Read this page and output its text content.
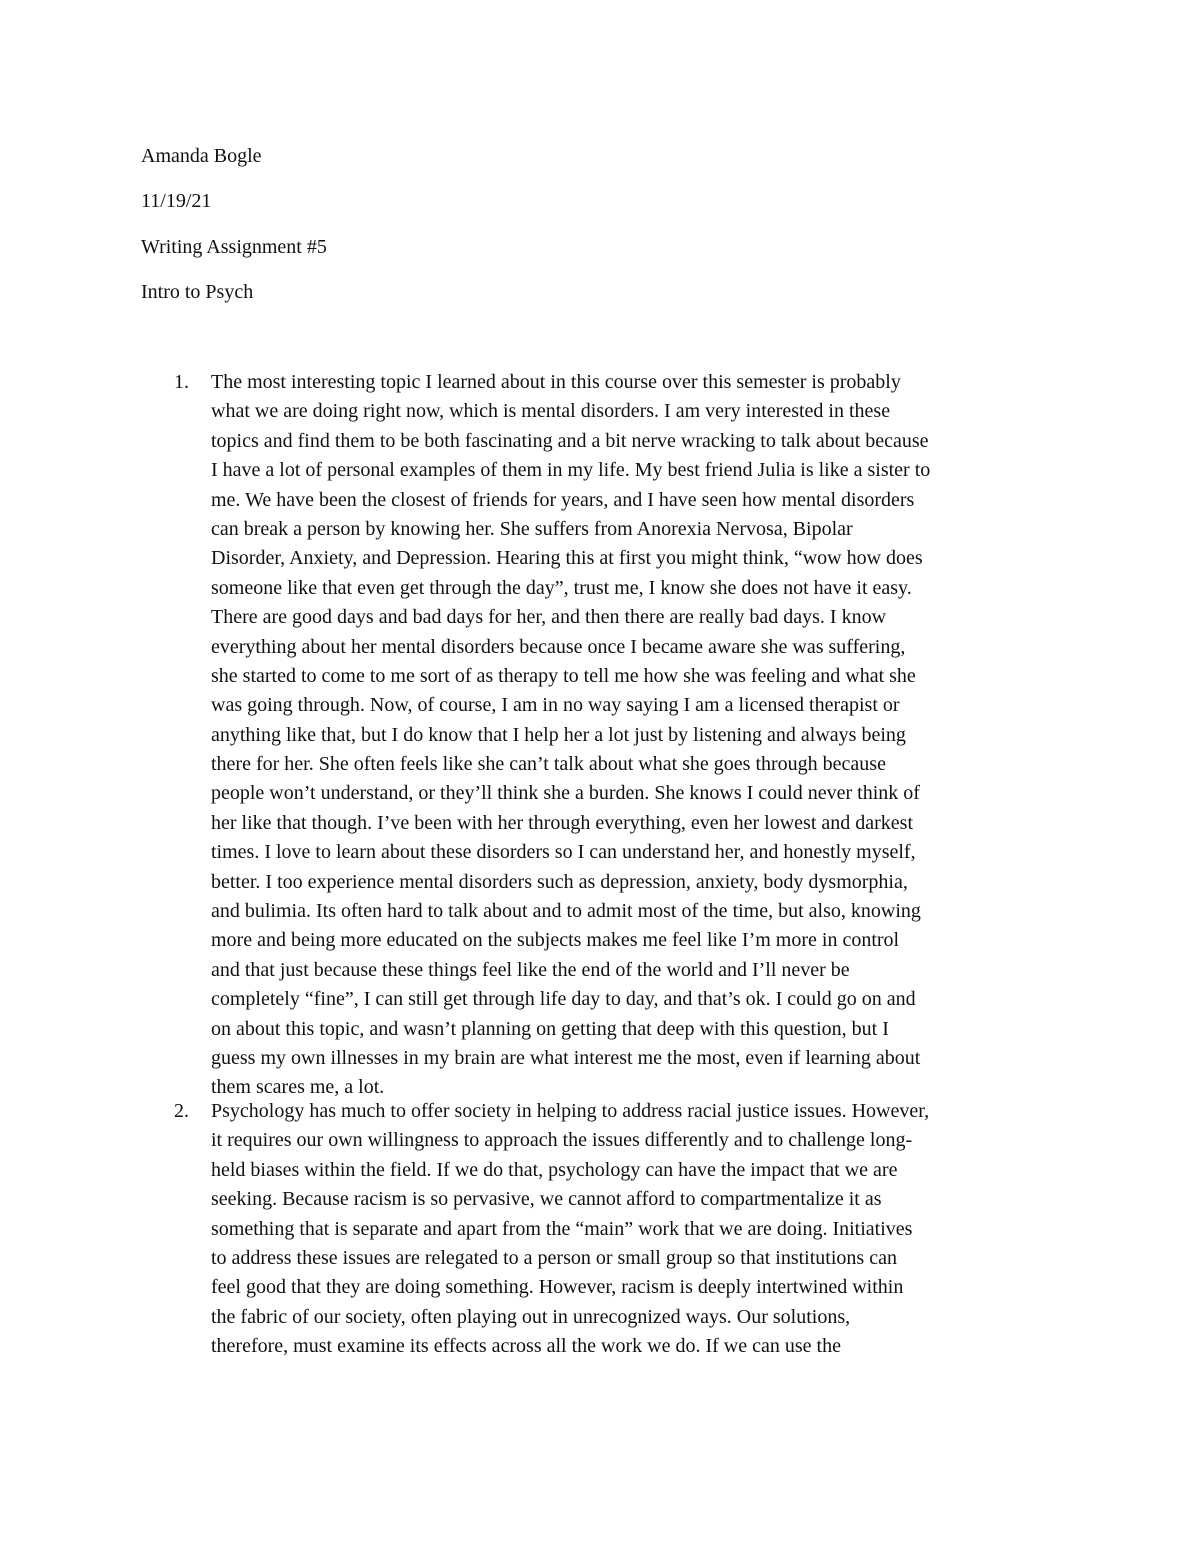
Amanda Bogle
11/19/21
Writing Assignment #5
Intro to Psych
1. The most interesting topic I learned about in this course over this semester is probably
what we are doing right now, which is mental disorders. I am very interested in these
topics and find them to be both fascinating and a bit nerve wracking to talk about because
I have a lot of personal examples of them in my life. My best friend Julia is like a sister to
me. We have been the closest of friends for years, and I have seen how mental disorders
can break a person by knowing her. She suffers from Anorexia Nervosa, Bipolar
Disorder, Anxiety, and Depression. Hearing this at first you might think, “wow how does
someone like that even get through the day”, trust me, I know she does not have it easy.
There are good days and bad days for her, and then there are really bad days. I know
everything about her mental disorders because once I became aware she was suffering,
she started to come to me sort of as therapy to tell me how she was feeling and what she
was going through. Now, of course, I am in no way saying I am a licensed therapist or
anything like that, but I do know that I help her a lot just by listening and always being
there for her. She often feels like she can’t talk about what she goes through because
people won’t understand, or they’ll think she a burden. She knows I could never think of
her like that though. I’ve been with her through everything, even her lowest and darkest
times. I love to learn about these disorders so I can understand her, and honestly myself,
better. I too experience mental disorders such as depression, anxiety, body dysmorphia,
and bulimia. Its often hard to talk about and to admit most of the time, but also, knowing
more and being more educated on the subjects makes me feel like I’m more in control
and that just because these things feel like the end of the world and I’ll never be
completely “fine”, I can still get through life day to day, and that’s ok. I could go on and
on about this topic, and wasn’t planning on getting that deep with this question, but I
guess my own illnesses in my brain are what interest me the most, even if learning about
them scares me, a lot.
2. Psychology has much to offer society in helping to address racial justice issues. However,
it requires our own willingness to approach the issues differently and to challenge long-
held biases within the field. If we do that, psychology can have the impact that we are
seeking. Because racism is so pervasive, we cannot afford to compartmentalize it as
something that is separate and apart from the “main” work that we are doing. Initiatives
to address these issues are relegated to a person or small group so that institutions can
feel good that they are doing something. However, racism is deeply intertwined within
the fabric of our society, often playing out in unrecognized ways. Our solutions,
therefore, must examine its effects across all the work we do. If we can use the
